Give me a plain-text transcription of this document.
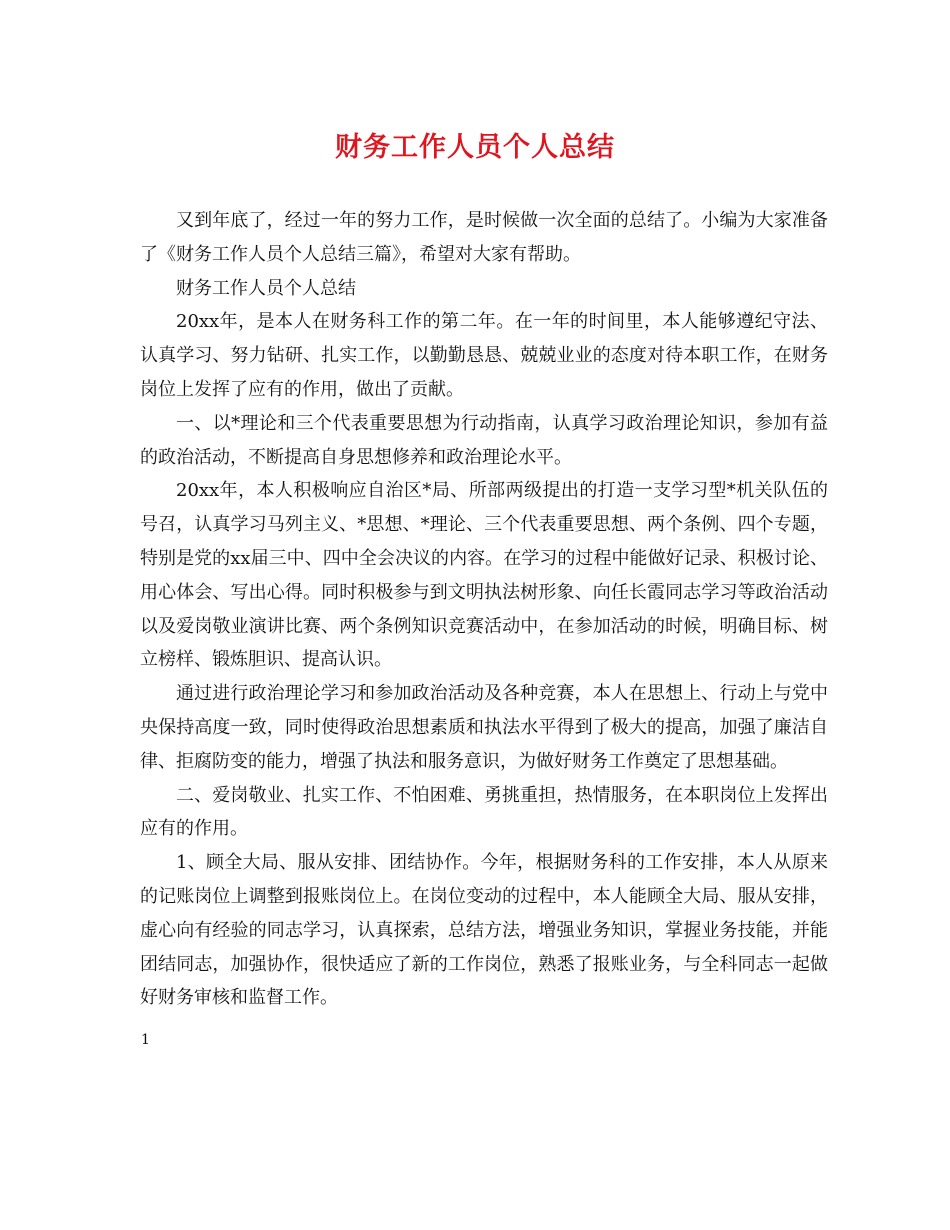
财务工作人员个人总结

又到年底了，经过一年的努力工作，是时候做一次全面的总结了。小编为大家准备了《财务工作人员个人总结三篇》，希望对大家有帮助。

财务工作人员个人总结

20xx年，是本人在财务科工作的第二年。在一年的时间里，本人能够遵纪守法、认真学习、努力钻研、扎实工作，以勤勤恳恳、兢兢业业的态度对待本职工作，在财务岗位上发挥了应有的作用，做出了贡献。

一、以*理论和三个代表重要思想为行动指南，认真学习政治理论知识，参加有益的政治活动，不断提高自身思想修养和政治理论水平。

20xx年，本人积极响应自治区*局、所部两级提出的打造一支学习型*机关队伍的号召，认真学习马列主义、*思想、*理论、三个代表重要思想、两个条例、四个专题，特别是党的xx届三中、四中全会决议的内容。在学习的过程中能做好记录、积极讨论、用心体会、写出心得。同时积极参与到文明执法树形象、向任长霞同志学习等政治活动以及爱岗敬业演讲比赛、两个条例知识竞赛活动中，在参加活动的时候，明确目标、树立榜样、锻炼胆识、提高认识。

通过进行政治理论学习和参加政治活动及各种竞赛，本人在思想上、行动上与党中央保持高度一致，同时使得政治思想素质和执法水平得到了极大的提高，加强了廉洁自律、拒腐防变的能力，增强了执法和服务意识，为做好财务工作奠定了思想基础。

二、爱岗敬业、扎实工作、不怕困难、勇挑重担，热情服务，在本职岗位上发挥出应有的作用。

1、顾全大局、服从安排、团结协作。今年，根据财务科的工作安排，本人从原来的记账岗位上调整到报账岗位上。在岗位变动的过程中，本人能顾全大局、服从安排，虚心向有经验的同志学习，认真探索，总结方法，增强业务知识，掌握业务技能，并能团结同志，加强协作，很快适应了新的工作岗位，熟悉了报账业务，与全科同志一起做好财务审核和监督工作。

1
